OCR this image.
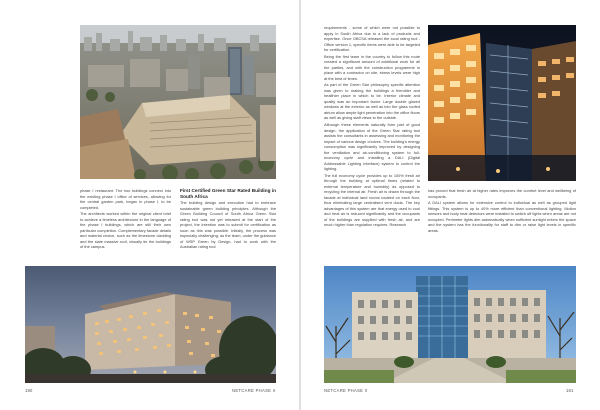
phase I restaurant. The two buildings connect into the existing phase I office of services, allowing for the central garden park, began in phase I, to be completed.

The architects worked within the original client brief to achieve a timeless architecture in the language of the phase I buildings, which are still their own particular completion. Complementary facade details and material choice, such as the limestone cladding and the slate massive roof, visually tie the buildings of the campus.

First Certified Green Star Rated Building in South Africa

The building design and execution had to embrace sustainable green building principles. Although the Green Building Council of South Africa Green Star rating tool was not yet released at the start of the project, the intention was to submit for certification as soon as this was possible. Initially, the process was especially challenging, as the team, under the guidance of WSP Green by Design, had to work with the Australian rating tool

180	NETCARE PHASE II

requirements - some of which were not possible to apply in South Africa due to a lack of products and expertise. Once GBCSA released the local rating tool - Office version 1, specific items were able to be targeted for certification.

Being the first team in the country to follow this route created a significant amount of additional work for all the parties, and with the construction programme in place with a contractor on site, stress levels were high at the best of times.

As part of the Green Star philosophy specific attention was given to making the buildings a friendlier and healthier place in which to be. Interior climate and quality was an important factor. Large double glazed windows at the exterior as well as into the glass roofed atrium allow ample light penetration into the office floors as well as giving staff views to the outside.

Although these elements naturally form part of good design, the application of the Green Star rating tool assists the consultants in assessing and monitoring the impact of various design choices. The building's energy consumption was significantly improved by designing the ventilation and air-conditioning system to full-economy cycle and installing a DALI (Digital Addressable Lighting Interface) system to control the lighting.

The full economy cycle provides up to 100% fresh air through the building at optimal times (related to external temperature and humidity) as opposed to recycling the internal air. Fresh air is drawn through the facade at individual land rooms located on each floor, thus eliminating large centralised vent ducts. The key advantages of this system are that energy used to cool and heat air is reduced significantly and the occupants of the buildings are supplied with fresh air, and are much higher than regulation requires. Research

has proved that fresh air at higher rates improves the comfort level and wellbeing of occupants.

A DALI system allows for extensive control to individual as well as grouped light fittings. This system is up to 40% more efficient than conventional lighting. Motion sensors and body heat detectors were installed to switch off lights when areas are not occupied. Perimeter lights dim automatically when sufficient sunlight enters the space and the system has the functionality for staff to dim or raise light levels in specific areas.

NETCARE PHASE II	181
